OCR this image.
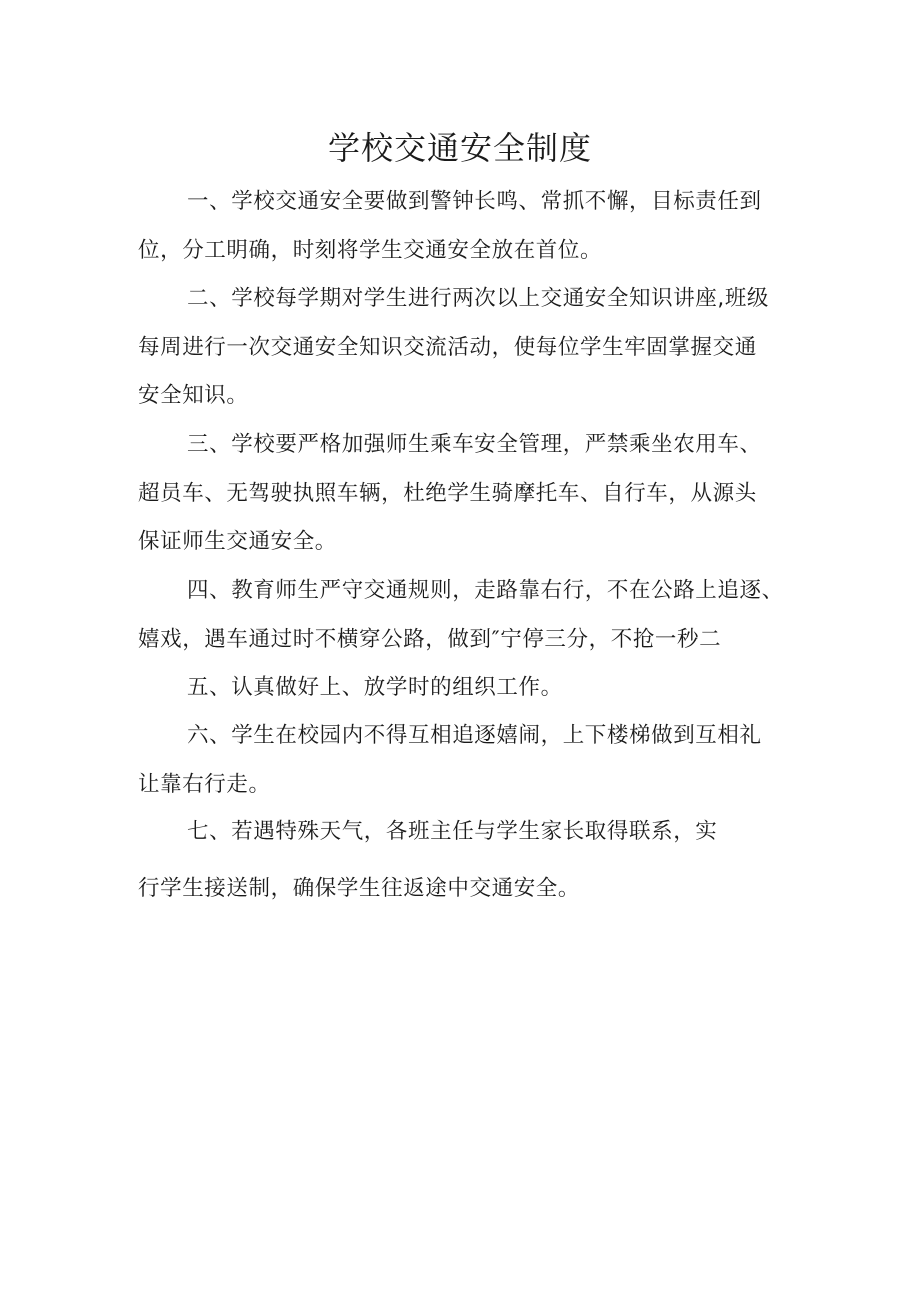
学校交通安全制度
一、学校交通安全要做到警钟长鸣、常抓不懈，目标责任到
位，分工明确，时刻将学生交通安全放在首位。
二、学校每学期对学生进行两次以上交通安全知识讲座,班级
每周进行一次交通安全知识交流活动，使每位学生牢固掌握交通
安全知识。
三、学校要严格加强师生乘车安全管理，严禁乘坐农用车、
超员车、无驾驶执照车辆，杜绝学生骑摩托车、自行车，从源头
保证师生交通安全。
四、教育师生严守交通规则，走路靠右行，不在公路上追逐、
嬉戏，遇车通过时不横穿公路，做到″宁停三分，不抢一秒二
五、认真做好上、放学时的组织工作。
六、学生在校园内不得互相追逐嬉闹，上下楼梯做到互相礼
让靠右行走。
七、若遇特殊天气，各班主任与学生家长取得联系，实
行学生接送制，确保学生往返途中交通安全。
